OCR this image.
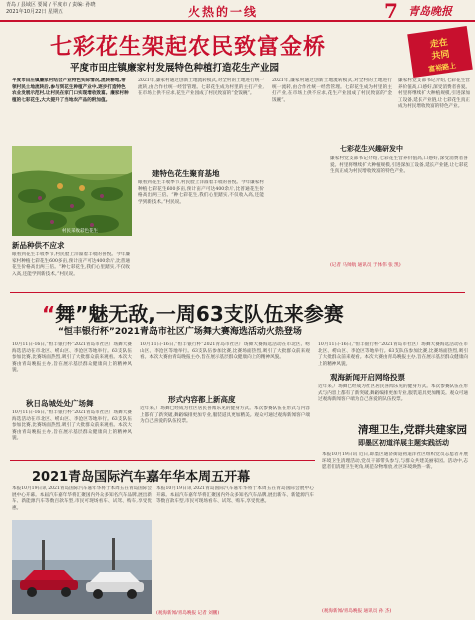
青岛 / 县域区 要闻 / 平度市 / 责编: 孙晓
2021年10月22日 星期五	火热的一线	7 青岛晚报
七彩花生架起农民致富金桥
平度市田庄镇廉家村发展特色种植打造花生产业园
走在
共同
富裕路上
平度市田庄镇廉家村结合产业特色实际情况,流转耕地,带领村民土地流转后,参与到花生种植产业中,逐步打造特色农业发展示范村,让村民在家门口实现增收致富。廉家村种植的七彩花生,大大提升了当地农产品的附加值。
村民采收彩色花生
新品种供不应求
眼看到花生丰收季节,村民脸上洋溢着丰收的喜悦。今年廉家村种植七彩花生600多亩,预计亩产可达400余斤,比普通花生价格高出两三倍。“种七彩花生,我们心里踏实,不仅收入高,还能学到新技术。”村民说。
2021年,廉家村通过创新土地流转模式,对全村的土地进行统一流转,由合作社统一经营管理。七彩花生成为村里的主打产业,在市场上供不应求,花生产业园成了村民致富的“金饭碗”。
建特色花生聚育基地
眼看到花生丰收季节,村民脸上洋溢着丰收的喜悦。今年廉家村种植七彩花生600多亩,预计亩产可达400余斤,比普通花生价格高出两三倍。“种七彩花生,我们心里踏实,不仅收入高,还能学到新技术。”村民说。
2021年,廉家村通过创新土地流转模式,对全村的土地进行统一流转,由合作社统一经营管理。七彩花生成为村里的主打产业,在市场上供不应求,花生产业园成了村民致富的“金饭碗”。
廉家村党支部书记介绍,七彩花生营养价值高,口感好,深受消费者喜爱。村里将继续扩大种植规模,引进深加工设备,延长产业链,让七彩花生真正成为村民增收致富的特色产业。
七彩花生兴趣研发中
廉家村党支部书记介绍,七彩花生营养价值高,口感好,深受消费者喜爱。村里将继续扩大种植规模,引进深加工设备,延长产业链,让七彩花生真正成为村民增收致富的特色产业。
(记者 马帅航 通讯员 于体伟 张 凯)
“舞”魅无敌,一周63支队伍来参赛
“恒丰银行杯”2021青岛市社区广场舞大赛海选活动火热登场
10月11日-16日,“恒丰银行杯”2021青岛市社区广场舞大赛海选活动在市北区、崂山区、李沧区等地举行。63支队伍参加比赛,比赛场面热烈,吸引了大批群众前来观看。本次大赛由青岛晚报主办,旨在展示基层群众健康向上的精神风貌。
秋日岛城处处广场舞
10月11日-16日,“恒丰银行杯”2021青岛市社区广场舞大赛海选活动在市北区、崂山区、李沧区等地举行。63支队伍参加比赛,比赛场面热烈,吸引了大批群众前来观看。本次大赛由青岛晚报主办,旨在展示基层群众健康向上的精神风貌。
10月11日-16日,“恒丰银行杯”2021青岛市社区广场舞大赛海选活动在市北区、崂山区、李沧区等地举行。63支队伍参加比赛,比赛场面热烈,吸引了大批群众前来观看。本次大赛由青岛晚报主办,旨在展示基层群众健康向上的精神风貌。
形式内容都上新高度
近年来,广场舞已经成为社区居民喜闻乐见的健身方式。本次参赛队伍在形式与内容上都有了新突破,舞蹈编排更加专业,服装道具更加精美。观众可通过观海新闻客户端为自己喜爱的队伍投票。
10月11日-16日,“恒丰银行杯”2021青岛市社区广场舞大赛海选活动在市北区、崂山区、李沧区等地举行。63支队伍参加比赛,比赛场面热烈,吸引了大批群众前来观看。本次大赛由青岛晚报主办,旨在展示基层群众健康向上的精神风貌。
观海新闻开启网络投票
近年来,广场舞已经成为社区居民喜闻乐见的健身方式。本次参赛队伍在形式与内容上都有了新突破,舞蹈编排更加专业,服装道具更加精美。观众可通过观海新闻客户端为自己喜爱的队伍投票。
2021青岛国际汽车嘉年华本周五开幕
本报10月19日讯 2021青岛国际汽车嘉年华将于本周五在青岛国际会展中心开幕。本届汽车嘉年华将汇聚国内外众多知名汽车品牌,展出新车、新能源汽车等数百款车型,市民可现场看车、试驾、购车,享受优惠。
本报10月19日讯 2021青岛国际汽车嘉年华将于本周五在青岛国际会展中心开幕。本届汽车嘉年华将汇聚国内外众多知名汽车品牌,展出新车、新能源汽车等数百款车型,市民可现场看车、试驾、购车,享受优惠。
(观海新闻/青岛晚报 记者 刘鹏)
清理卫生,党群共建家园
即墨区初道洋展主题实践活动
本报10月19日讯 近日,即墨区通济街道初道洋社区组织党员志愿者开展环境卫生清理活动,党员干部带头参与,与群众共建美丽家园。活动中,志愿者们清理卫生死角,规范杂物堆放,社区环境焕然一新。
(观海新闻/青岛晚报 通讯员 孙 杰)
